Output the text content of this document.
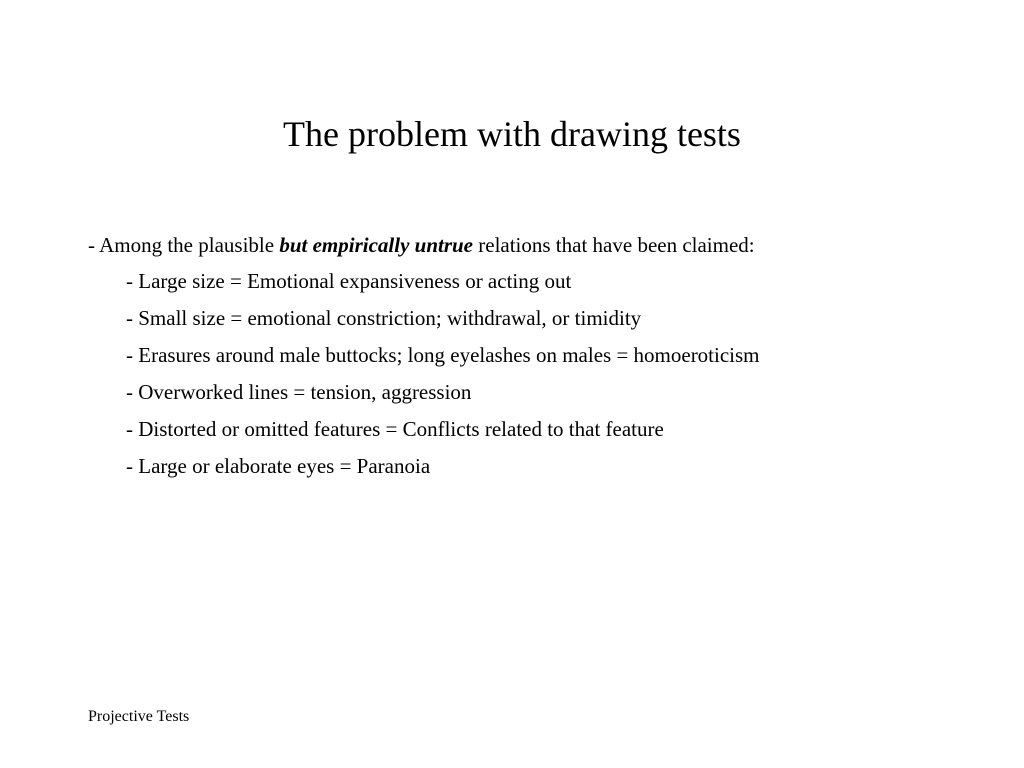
The problem with drawing tests
- Among the plausible but empirically untrue relations that have been claimed:
- Large size = Emotional expansiveness or acting out
- Small size = emotional constriction; withdrawal, or timidity
- Erasures around male buttocks; long eyelashes on males = homoeroticism
- Overworked lines = tension, aggression
- Distorted or omitted features = Conflicts related to that feature
- Large or elaborate eyes = Paranoia
Projective Tests
